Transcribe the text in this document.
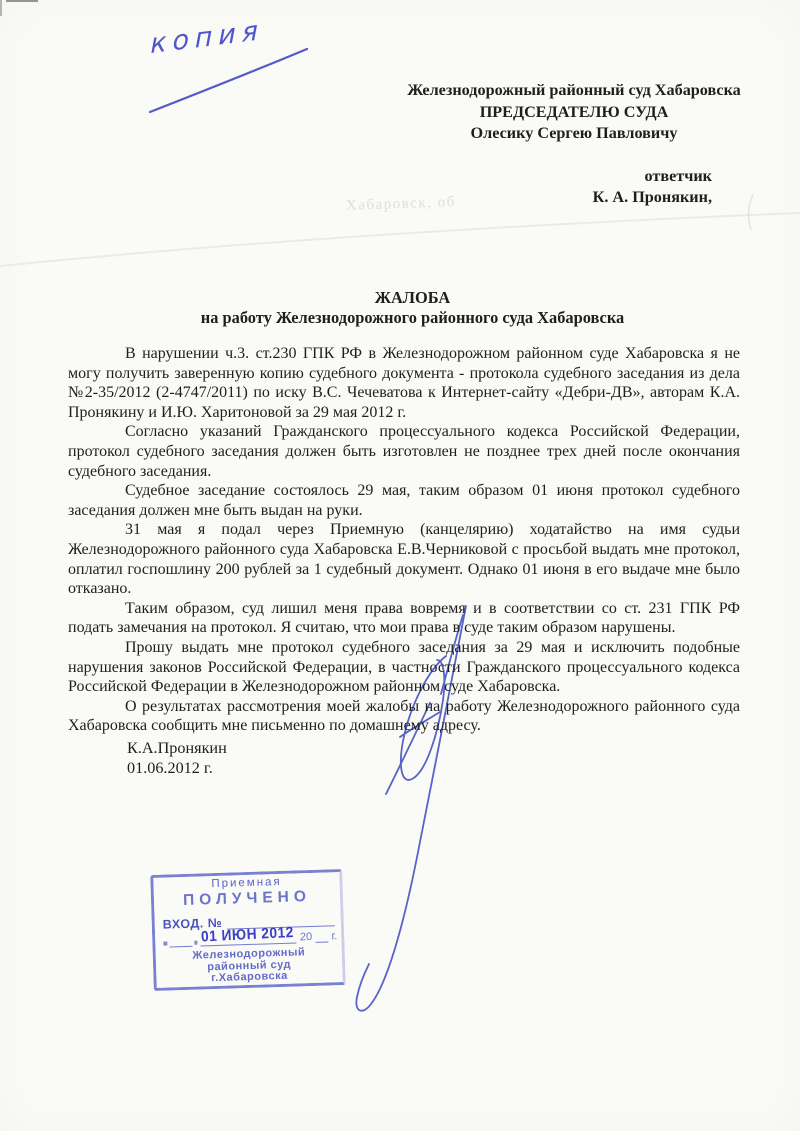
копия
Хабаровск, об
Железнодорожный районный суд Хабаровска
ПРЕДСЕДАТЕЛЮ СУДА
Олесику Сергею Павловичу
ответчик
К. А. Пронякин,
ЖАЛОБА
на работу Железнодорожного районного суда Хабаровска

В нарушении ч.3. ст.230 ГПК РФ в Железнодорожном районном суде Хабаровска я не могу получить заверенную копию судебного документа - протокола судебного заседания из дела №2-35/2012 (2-4747/2011) по иску В.С. Чечеватова к Интернет-сайту «Дебри-ДВ», авторам К.А. Пронякину и И.Ю. Харитоновой за 29 мая 2012 г.

Согласно указаний Гражданского процессуального кодекса Российской Федерации, протокол судебного заседания должен быть изготовлен не позднее трех дней после окончания судебного заседания.

Судебное заседание состоялось 29 мая, таким образом 01 июня протокол судебного заседания должен мне быть выдан на руки.

31 мая я подал через Приемную (канцелярию) ходатайство на имя судьи Железнодорожного районного суда Хабаровска Е.В.Черниковой с просьбой выдать мне протокол, оплатил госпошлину 200 рублей за 1 судебный документ. Однако 01 июня в его выдаче мне было отказано.

Таким образом, суд лишил меня права вовремя и в соответствии со ст. 231 ГПК РФ подать замечания на протокол. Я считаю, что мои права в суде таким образом нарушены.

Прошу выдать мне протокол судебного заседания за 29 мая и исключить подобные нарушения законов Российской Федерации, в частности Гражданского процессуального кодекса Российской Федерации в Железнодорожном районном суде Хабаровска.

О результатах рассмотрения моей жалобы на работу Железнодорожного районного суда Хабаровска сообщить мне письменно по домашнему адресу.

К.А.Пронякин
01.06.2012 г.
Приемная
ПОЛУЧЕНО
ВХОД. №
01 ИЮН 2012 20 г.
Железнодорожный
районный суд
г.Хабаровска
